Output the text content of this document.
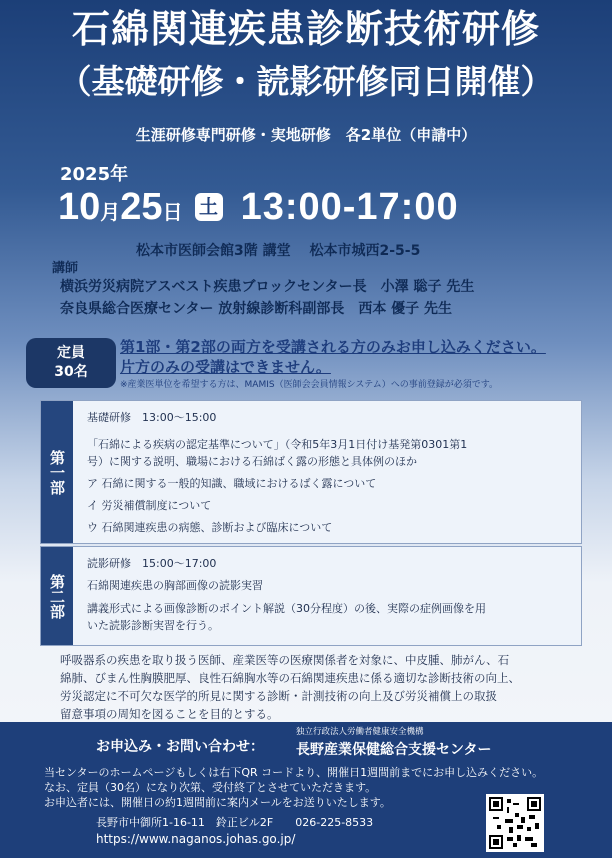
石綿関連疾患診断技術研修
（基礎研修・読影研修同日開催）
生涯研修専門研修・実地研修　各2単位（申請中）
2025年
10月25日 土 13:00-17:00
松本市医師会館3階 講堂　 松本市城西2-5-5
講師
横浜労災病院アスベスト疾患ブロックセンター長　小澤 聡子 先生
奈良県総合医療センター 放射線診断科副部長　西本 優子 先生
定員
30名
第1部・第2部の両方を受講される方のみお申し込みください。
片方のみの受講はできません。
※産業医単位を希望する方は、MAMIS（医師会会員情報システム）への事前登録が必須です。
第一部
基礎研修　13:00〜15:00
「石綿による疾病の認定基準について」（令和5年3月1日付け基発第0301第1
号）に関する説明、職場における石綿ばく露の形態と具体例のほか
ア 石綿に関する一般的知識、職域におけるばく露について
イ 労災補償制度について
ウ 石綿関連疾患の病態、診断および臨床について
第二部
読影研修　15:00〜17:00
石綿関連疾患の胸部画像の読影実習
講義形式による画像診断のポイント解説（30分程度）の後、実際の症例画像を用
いた読影診断実習を行う。
呼吸器系の疾患を取り扱う医師、産業医等の医療関係者を対象に、中皮腫、肺がん、石
綿肺、びまん性胸膜肥厚、良性石綿胸水等の石綿関連疾患に係る適切な診断技術の向上、
労災認定に不可欠な医学的所見に関する診断・計測技術の向上及び労災補償上の取扱
留意事項の周知を図ることを目的とする。
お申込み・お問い合わせ：
独立行政法人労働者健康安全機構
長野産業保健総合支援センター
当センターのホームページもしくは右下QR コードより、開催日1週間前までにお申し込みください。
なお、定員（30名）になり次第、受付終了とさせていただきます。
お申込者には、開催日の約1週間前に案内メールをお送りいたします。
長野市中御所1-16-11　鈴正ビル2F　　026-225-8533
https://www.naganos.johas.go.jp/
